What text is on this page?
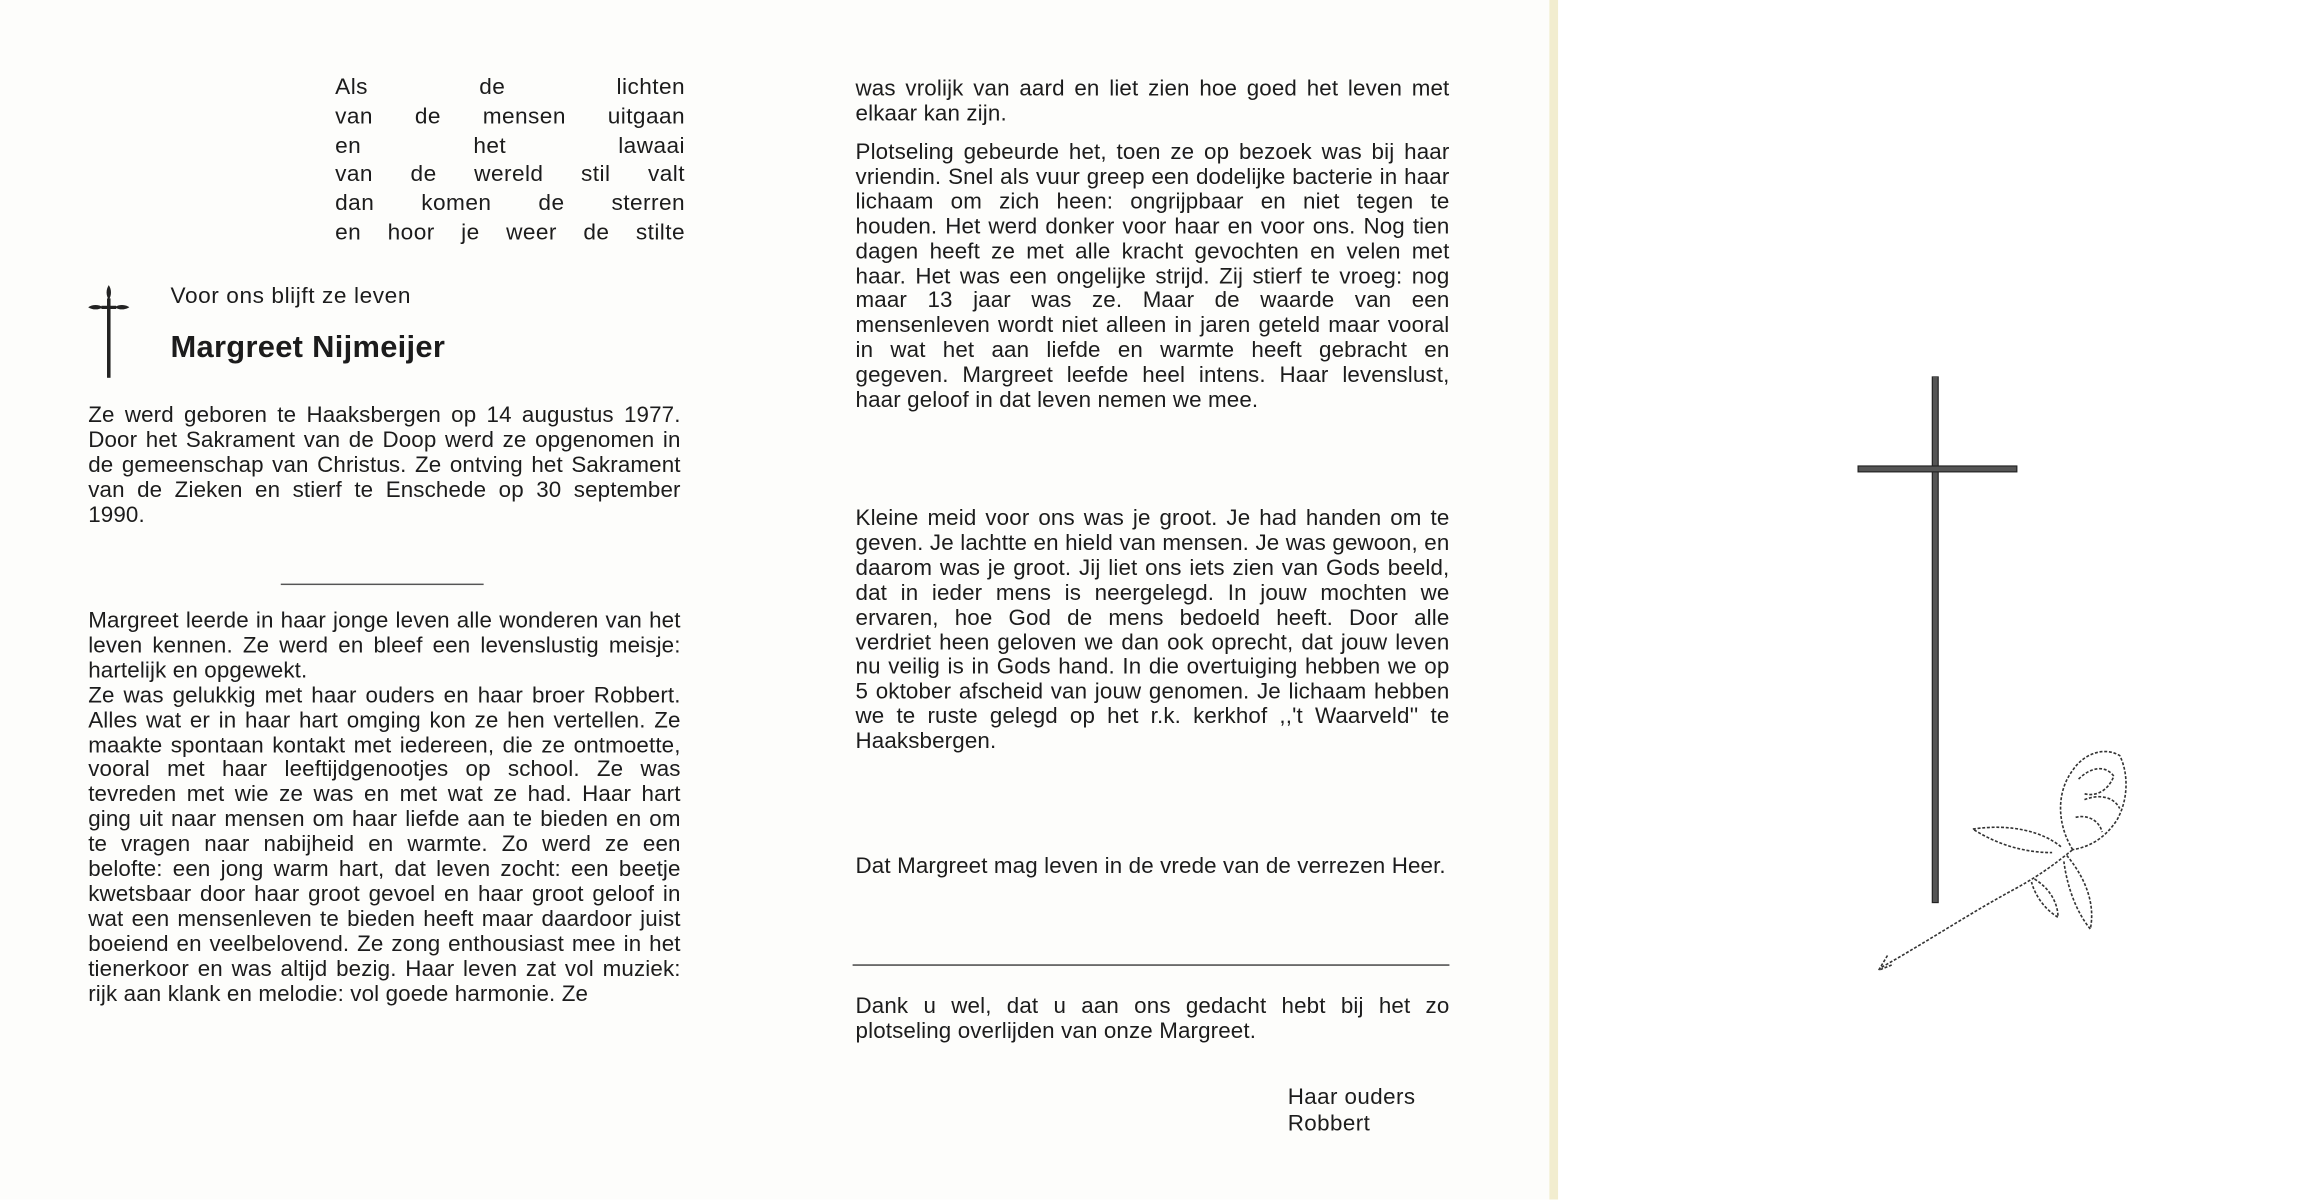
Als de lichten
van de mensen uitgaan
en het lawaai
van de wereld stil valt
dan komen de sterren
en hoor je weer de stilte
Voor ons blijft ze leven
Margreet Nijmeijer

Ze werd geboren te Haaksbergen op 14 augustus 1977. Door het Sakrament van de Doop werd ze opgenomen in de gemeenschap van Christus. Ze ontving het Sakrament van de Zieken en stierf te Enschede op 30 september 1990.

Margreet leerde in haar jonge leven alle wonderen van het leven kennen. Ze werd en bleef een levenslustig meisje: hartelijk en opgewekt.
Ze was gelukkig met haar ouders en haar broer Robbert. Alles wat er in haar hart omging kon ze hen vertellen. Ze maakte spontaan kontakt met iedereen, die ze ontmoette, vooral met haar leeftijdgenootjes op school. Ze was tevreden met wie ze was en met wat ze had. Haar hart ging uit naar mensen om haar liefde aan te bieden en om te vragen naar nabijheid en warmte. Zo werd ze een belofte: een jong warm hart, dat leven zocht: een beetje kwetsbaar door haar groot gevoel en haar groot geloof in wat een mensenleven te bieden heeft maar daardoor juist boeiend en veelbelovend. Ze zong enthousiast mee in het tienerkoor en was altijd bezig. Haar leven zat vol muziek: rijk aan klank en melodie: vol goede harmonie. Ze

was vrolijk van aard en liet zien hoe goed het leven met elkaar kan zijn.

Plotseling gebeurde het, toen ze op bezoek was bij haar vriendin. Snel als vuur greep een dodelijke bacterie in haar lichaam om zich heen: ongrijpbaar en niet tegen te houden. Het werd donker voor haar en voor ons. Nog tien dagen heeft ze met alle kracht gevochten en velen met haar. Het was een ongelijke strijd. Zij stierf te vroeg: nog maar 13 jaar was ze. Maar de waarde van een mensenleven wordt niet alleen in jaren geteld maar vooral in wat het aan liefde en warmte heeft gebracht en gegeven. Margreet leefde heel intens. Haar levenslust, haar geloof in dat leven nemen we mee.

Kleine meid voor ons was je groot. Je had handen om te geven. Je lachtte en hield van mensen. Je was gewoon, en daarom was je groot. Jij liet ons iets zien van Gods beeld, dat in ieder mens is neergelegd. In jouw mochten we ervaren, hoe God de mens bedoeld heeft. Door alle verdriet heen geloven we dan ook oprecht, dat jouw leven nu veilig is in Gods hand. In die overtuiging hebben we op 5 oktober afscheid van jouw genomen. Je lichaam hebben we te ruste gelegd op het r.k. kerkhof ,,'t Waarveld'' te Haaksbergen.

Dat Margreet mag leven in de vrede van de verrezen Heer.

Dank u wel, dat u aan ons gedacht hebt bij het zo plotseling overlijden van onze Margreet.

Haar ouders
Robbert
